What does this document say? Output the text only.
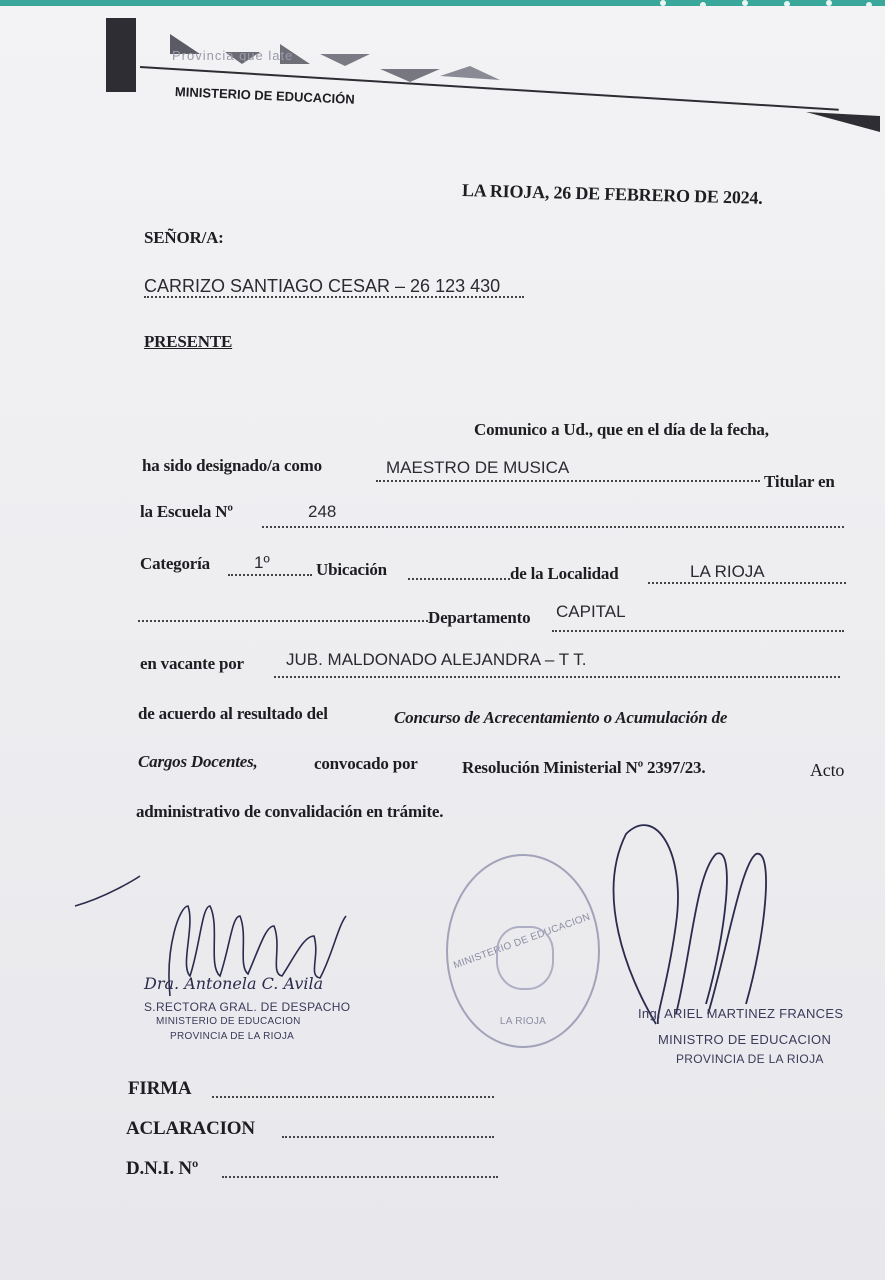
Provincia que late
MINISTERIO DE EDUCACIÓN
LA RIOJA, 26 DE FEBRERO DE 2024.
SEÑOR/A:
CARRIZO SANTIAGO CESAR – 26 123 430
PRESENTE
Comunico a Ud., que en el día de la fecha,
ha sido designado/a como	MAESTRO DE MUSICA
Titular en
la Escuela Nº	248
Categoría	1º	Ubicación	de la Localidad	LA RIOJA
Departamento CAPITAL
en vacante por JUB. MALDONADO ALEJANDRA – T T.
de acuerdo al resultado del	Concurso de Acrecentamiento o Acumulación de
Cargos Docentes,	convocado por	Resolución Ministerial Nº 2397/23.	Acto
administrativo de convalidación en trámite.
Dra. Antonela C. Avila
S.RECTORA GRAL. DE DESPACHO
MINISTERIO DE EDUCACION
PROVINCIA DE LA RIOJA
MINISTERIO DE EDUCACION
LA RIOJA
Ing. ARIEL MARTINEZ FRANCES
MINISTRO DE EDUCACION
PROVINCIA DE LA RIOJA
FIRMA
ACLARACION
D.N.I. Nº
